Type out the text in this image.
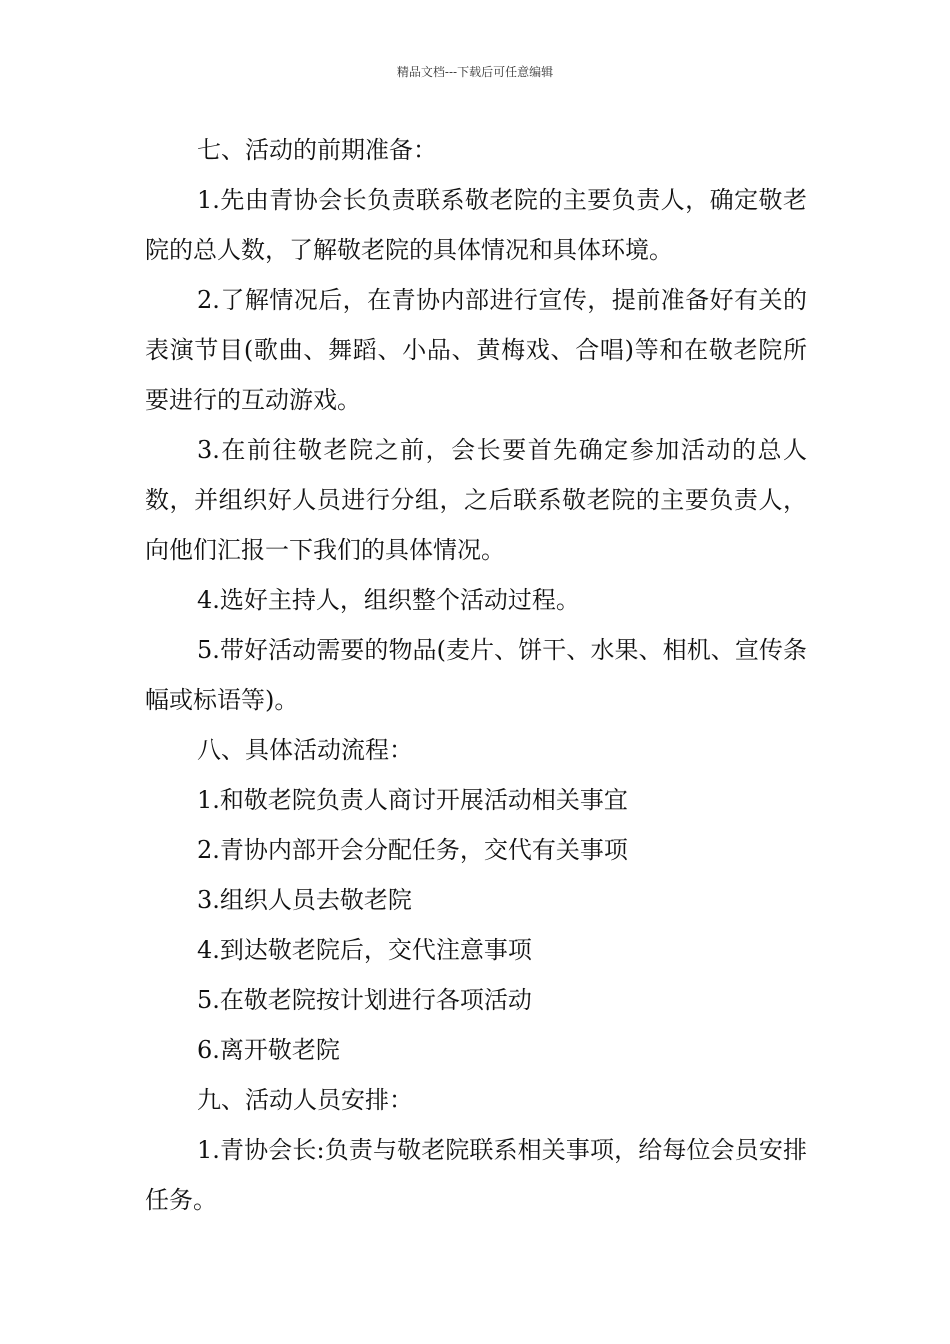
精品文档---下载后可任意编辑

七、活动的前期准备：

1.先由青协会长负责联系敬老院的主要负责人，确定敬老院的总人数，了解敬老院的具体情况和具体环境。

2.了解情况后，在青协内部进行宣传，提前准备好有关的表演节目(歌曲、舞蹈、小品、黄梅戏、合唱)等和在敬老院所要进行的互动游戏。

3.在前往敬老院之前，会长要首先确定参加活动的总人数，并组织好人员进行分组，之后联系敬老院的主要负责人，向他们汇报一下我们的具体情况。

4.选好主持人，组织整个活动过程。

5.带好活动需要的物品(麦片、饼干、水果、相机、宣传条幅或标语等)。

八、具体活动流程：

1.和敬老院负责人商讨开展活动相关事宜

2.青协内部开会分配任务，交代有关事项

3.组织人员去敬老院

4.到达敬老院后，交代注意事项

5.在敬老院按计划进行各项活动

6.离开敬老院

九、活动人员安排：

1.青协会长:负责与敬老院联系相关事项，给每位会员安排任务。
